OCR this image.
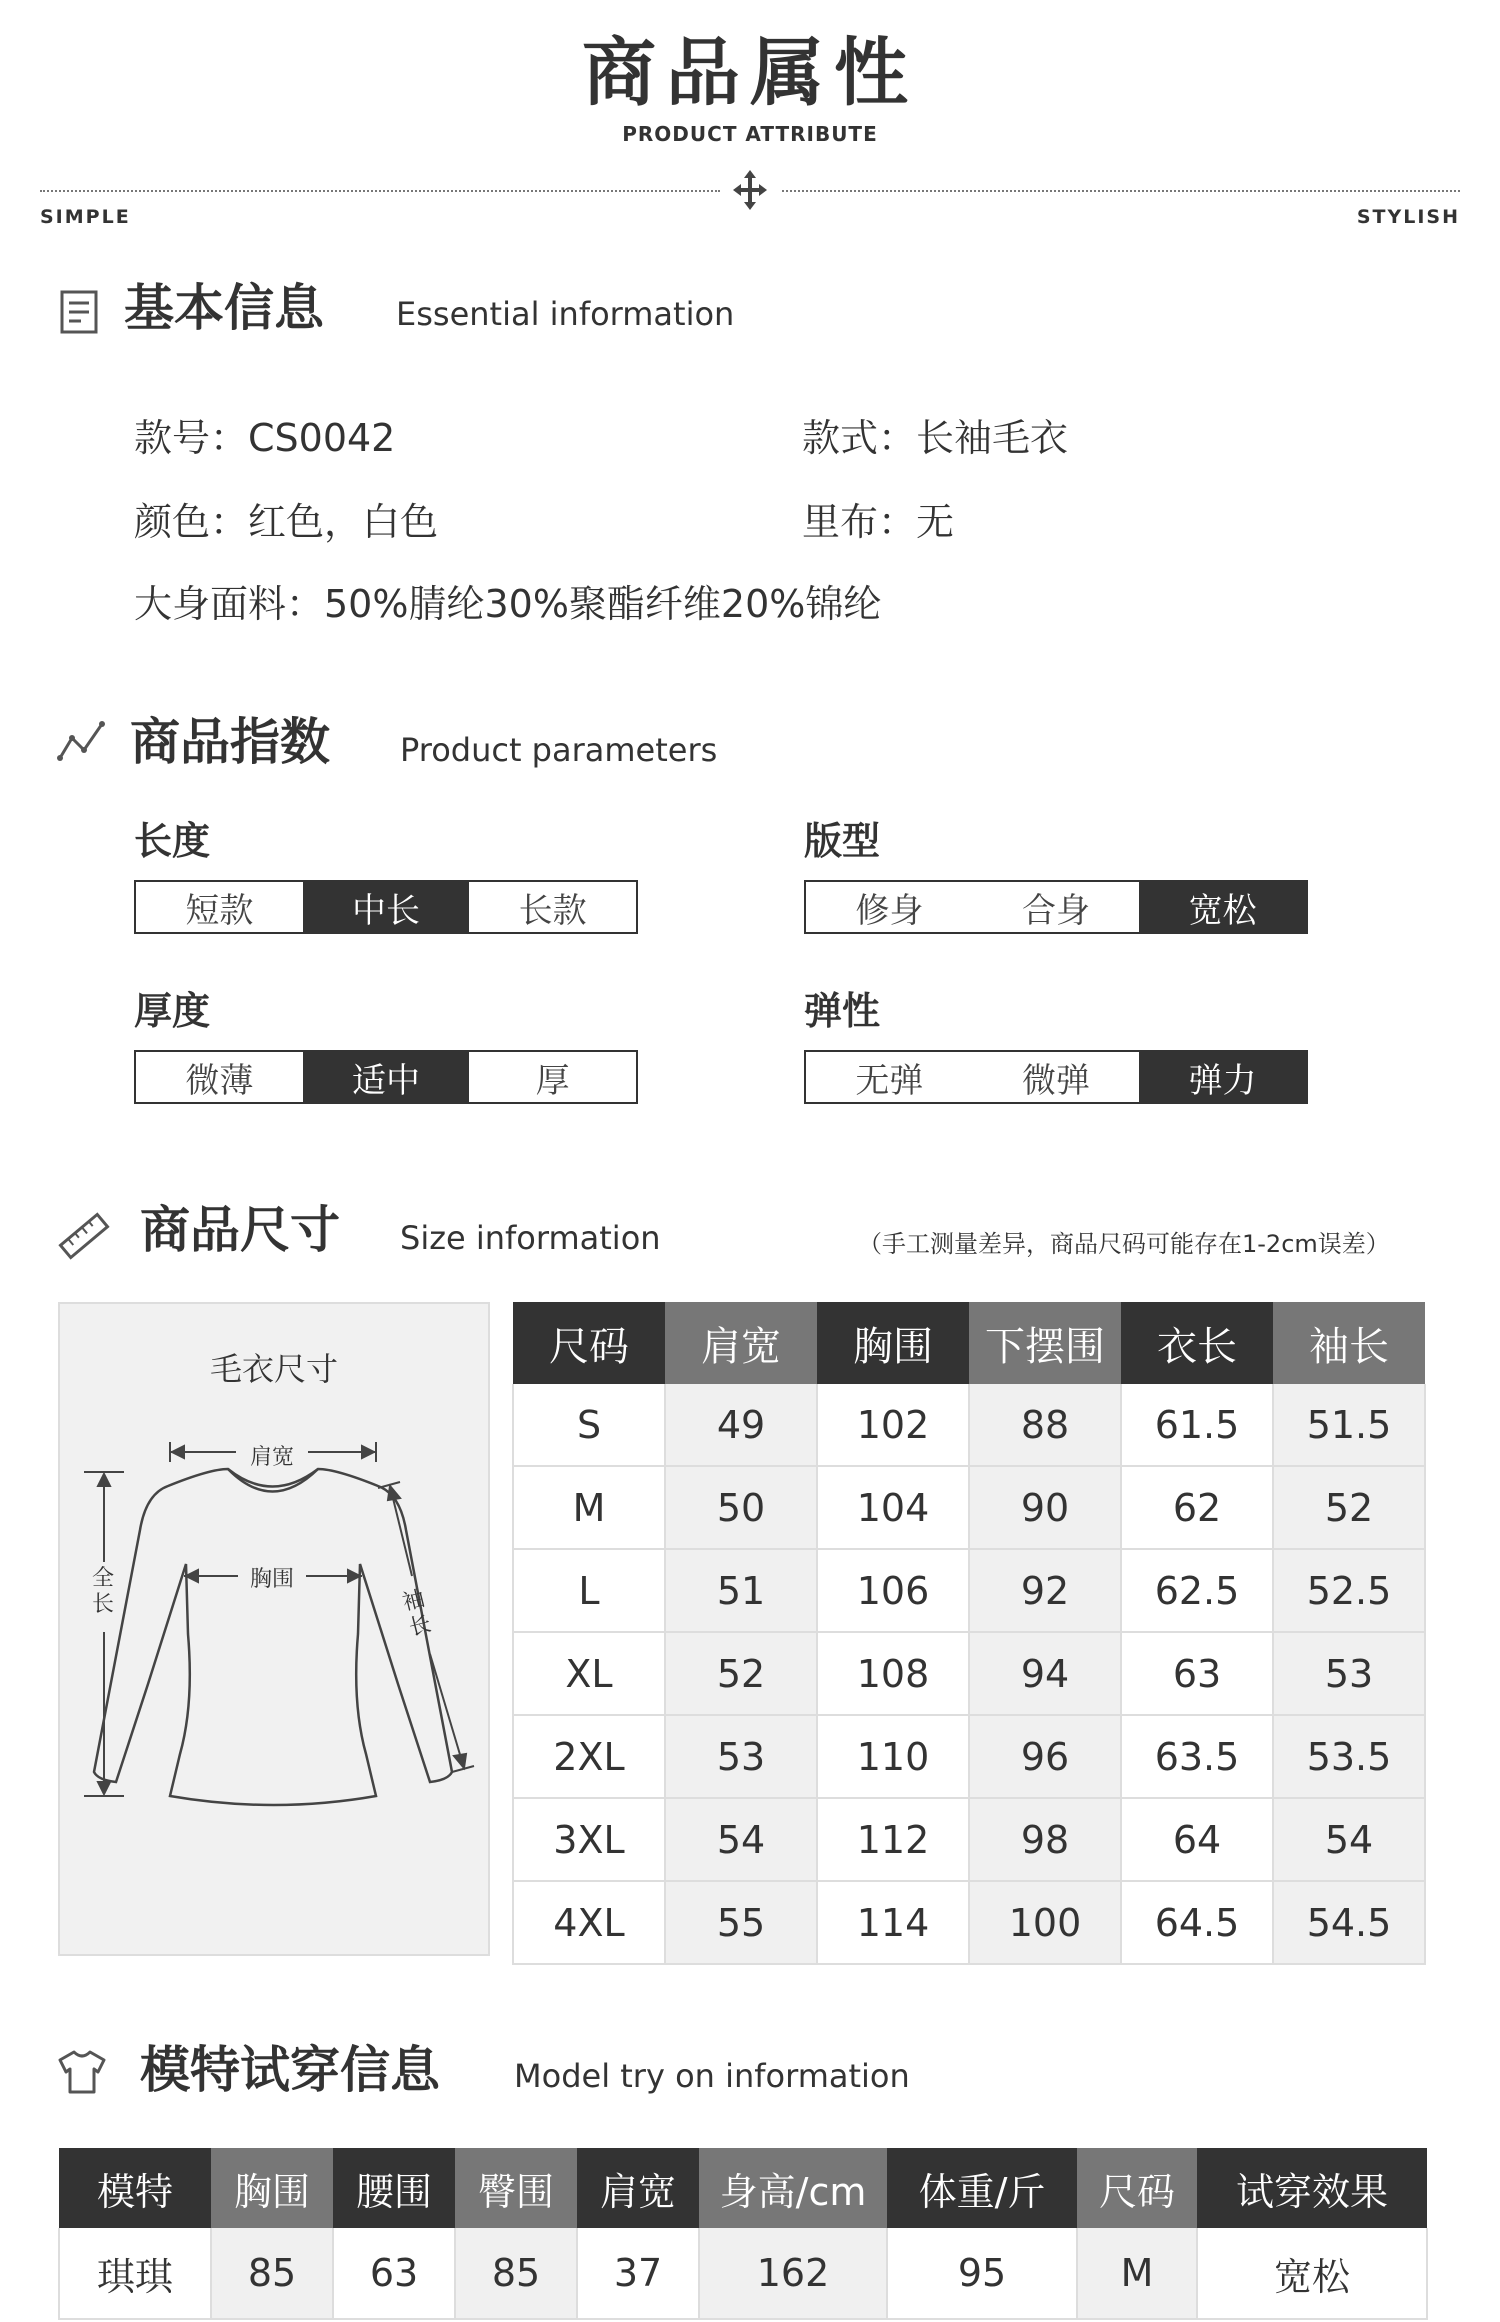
商品属性
PRODUCT ATTRIBUTE
SIMPLE	STYLISH
基本信息 Essential information
款号：CS0042	款式：长袖毛衣
颜色：红色，白色	里布：无
大身面料：50%腈纶30%聚酯纤维20%锦纶
商品指数 Product parameters
长度
短款	中长	长款
版型
修身	合身	宽松
厚度
微薄	适中	厚
弹性
无弹	微弹	弹力
商品尺寸 Size information	（手工测量差异，商品尺码可能存在1-2cm误差）
毛衣尺寸
肩宽
胸围
全长	袖长
尺码	肩宽	胸围	下摆围	衣长	袖长
S	49	102	88	61.5	51.5
M	50	104	90	62	52
L	51	106	92	62.5	52.5
XL	52	108	94	63	53
2XL	53	110	96	63.5	53.5
3XL	54	112	98	64	54
4XL	55	114	100	64.5	54.5
模特试穿信息 Model try on information
模特	胸围	腰围	臀围	肩宽	身高/cm	体重/斤	尺码	试穿效果
琪琪	85	63	85	37	162	95	M	宽松
